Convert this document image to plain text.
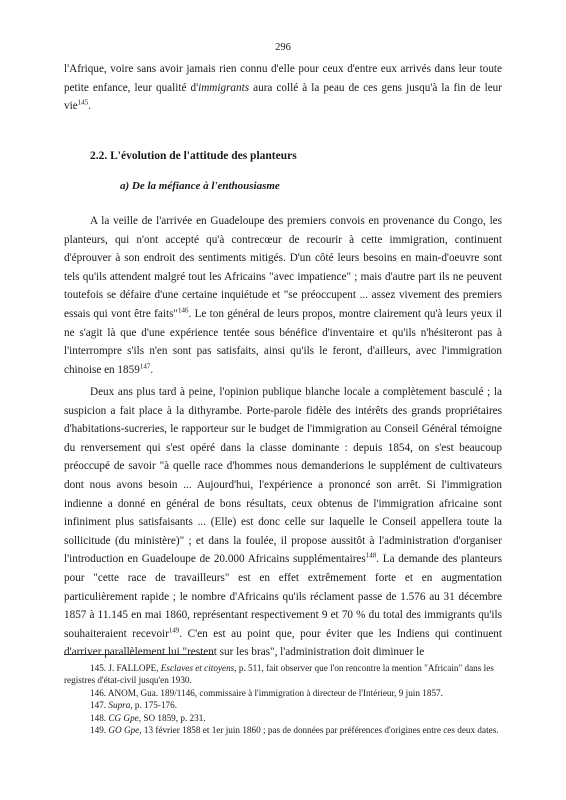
296

l'Afrique, voire sans avoir jamais rien connu d'elle pour ceux d'entre eux arrivés dans leur toute petite enfance, leur qualité d'immigrants aura collé à la peau de ces gens jusqu'à la fin de leur vie$^{145}$.

2.2. L'évolution de l'attitude des planteurs
a) De la méfiance à l'enthousiasme

A la veille de l'arrivée en Guadeloupe des premiers convois en provenance du Congo, les planteurs, qui n'ont accepté qu'à contrecœur de recourir à cette immigration, continuent d'éprouver à son endroit des sentiments mitigés. D'un côté leurs besoins en main-d'oeuvre sont tels qu'ils attendent malgré tout les Africains "avec impatience" ; mais d'autre part ils ne peuvent toutefois se défaire d'une certaine inquiétude et "se préoccupent ... assez vivement des premiers essais qui vont être faits"$^{146}$. Le ton général de leurs propos, montre clairement qu'à leurs yeux il ne s'agit là que d'une expérience tentée sous bénéfice d'inventaire et qu'ils n'hésiteront pas à l'interrompre s'ils n'en sont pas satisfaits, ainsi qu'ils le feront, d'ailleurs, avec l'immigration chinoise en 1859$^{147}$.

Deux ans plus tard à peine, l'opinion publique blanche locale a complètement basculé ; la suspicion a fait place à la dithyrambe. Porte-parole fidèle des intérêts des grands propriétaires d'habitations-sucreries, le rapporteur sur le budget de l'immigration au Conseil Général témoigne du renversement qui s'est opéré dans la classe dominante : depuis 1854, on s'est beaucoup préoccupé de savoir "à quelle race d'hommes nous demanderions le supplément de cultivateurs dont nous avons besoin ... Aujourd'hui, l'expérience a prononcé son arrêt. Si l'immigration indienne a donné en général de bons résultats, ceux obtenus de l'immigration africaine sont infiniment plus satisfaisants ... (Elle) est donc celle sur laquelle le Conseil appellera toute la sollicitude (du ministère)" ; et dans la foulée, il propose aussitôt à l'administration d'organiser l'introduction en Guadeloupe de 20.000 Africains supplémentaires$^{148}$. La demande des planteurs pour "cette race de travailleurs" est en effet extrêmement forte et en augmentation particulièrement rapide ; le nombre d'Africains qu'ils réclament passe de 1.576 au 31 décembre 1857 à 11.145 en mai 1860, représentant respectivement 9 et 70 % du total des immigrants qu'ils souhaiteraient recevoir$^{149}$. C'en est au point que, pour éviter que les Indiens qui continuent d'arriver parallèlement lui "restent sur les bras", l'administration doit diminuer le

145. J. FALLOPE, Esclaves et citoyens, p. 511, fait observer que l'on rencontre la mention "Africain" dans les registres d'état-civil jusqu'en 1930.

146. ANOM, Gua. 189/1146, commissaire à l'immigration à directeur de l'Intérieur, 9 juin 1857.

147. Supra, p. 175-176.

148. CG Gpe, SO 1859, p. 231.

149. GO Gpe, 13 février 1858 et 1er juin 1860 ; pas de données par préférences d'origines entre ces deux dates.
